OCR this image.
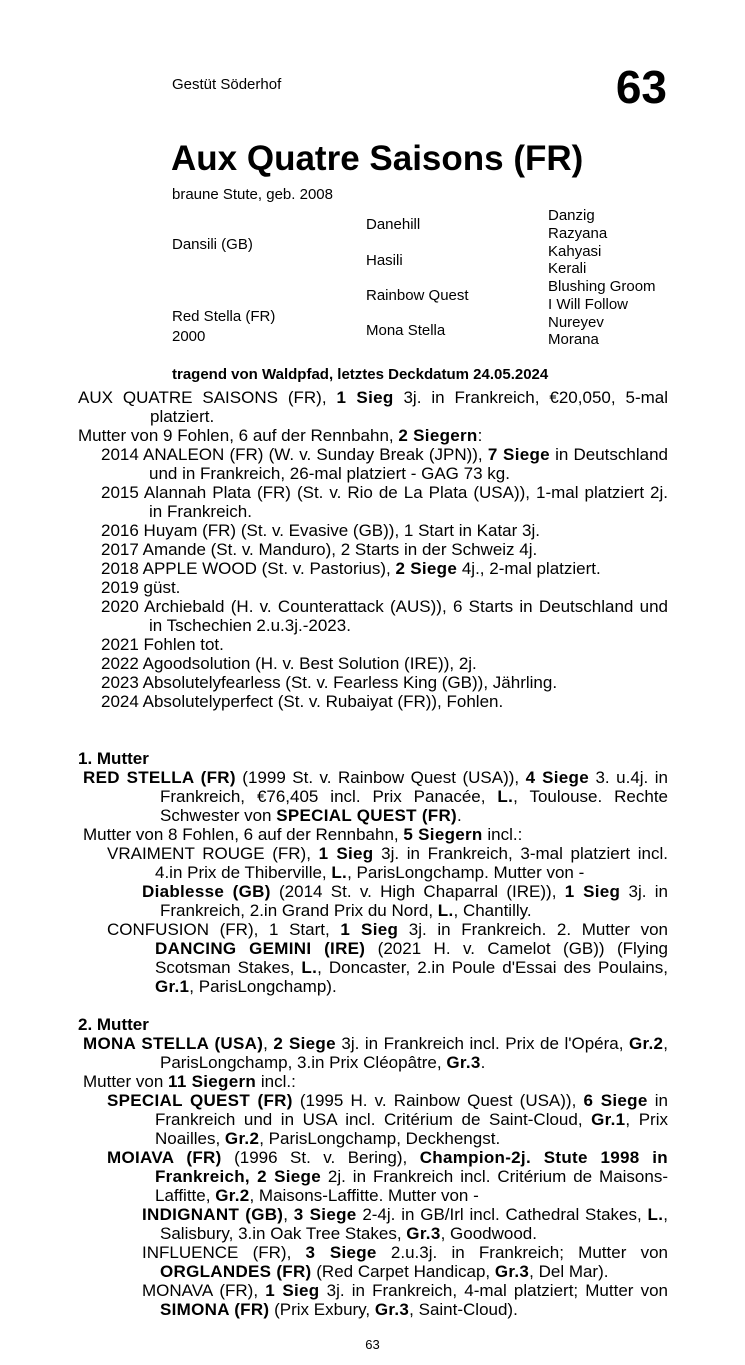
Gestüt Söderhof	63
Aux Quatre Saisons (FR)
braune Stute, geb. 2008
Dansili (GB)
Red Stella (FR)
2000
Danehill
Hasili
Rainbow Quest
Mona Stella
Danzig
Razyana
Kahyasi
Kerali
Blushing Groom
I Will Follow
Nureyev
Morana
tragend von Waldpfad, letztes Deckdatum 24.05.2024

AUX QUATRE SAISONS (FR), 1 Sieg 3j. in Frankreich, €20,050, 5-mal platziert.

Mutter von 9 Fohlen, 6 auf der Rennbahn, 2 Siegern:

2014 ANALEON (FR) (W. v. Sunday Break (JPN)), 7 Siege in Deutschland und in Frankreich, 26-mal platziert - GAG 73 kg.
2015 Alannah Plata (FR) (St. v. Rio de La Plata (USA)), 1-mal platziert 2j. in Frankreich.
2016 Huyam (FR) (St. v. Evasive (GB)), 1 Start in Katar 3j.
2017 Amande (St. v. Manduro), 2 Starts in der Schweiz 4j.
2018 APPLE WOOD (St. v. Pastorius), 2 Siege 4j., 2-mal platziert.
2019 güst.
2020 Archiebald (H. v. Counterattack (AUS)), 6 Starts in Deutschland und in Tschechien 2.u.3j.-2023.
2021 Fohlen tot.
2022 Agoodsolution (H. v. Best Solution (IRE)), 2j.
2023 Absolutelyfearless (St. v. Fearless King (GB)), Jährling.
2024 Absolutelyperfect (St. v. Rubaiyat (FR)), Fohlen.
1. Mutter
RED STELLA (FR) (1999 St. v. Rainbow Quest (USA)), 4 Siege 3. u.4j. in Frankreich, €76,405 incl. Prix Panacée, L., Toulouse. Rechte Schwester von SPECIAL QUEST (FR).
Mutter von 8 Fohlen, 6 auf der Rennbahn, 5 Siegern incl.:
VRAIMENT ROUGE (FR), 1 Sieg 3j. in Frankreich, 3-mal platziert incl. 4.in Prix de Thiberville, L., ParisLongchamp. Mutter von -
Diablesse (GB) (2014 St. v. High Chaparral (IRE)), 1 Sieg 3j. in Frankreich, 2.in Grand Prix du Nord, L., Chantilly.
CONFUSION (FR), 1 Start, 1 Sieg 3j. in Frankreich. 2. Mutter von DANCING GEMINI (IRE) (2021 H. v. Camelot (GB)) (Flying Scotsman Stakes, L., Doncaster, 2.in Poule d'Essai des Poulains, Gr.1, ParisLongchamp).
2. Mutter
MONA STELLA (USA), 2 Siege 3j. in Frankreich incl. Prix de l'Opéra, Gr.2, ParisLongchamp, 3.in Prix Cléopâtre, Gr.3.
Mutter von 11 Siegern incl.:
SPECIAL QUEST (FR) (1995 H. v. Rainbow Quest (USA)), 6 Siege in Frankreich und in USA incl. Critérium de Saint-Cloud, Gr.1, Prix Noailles, Gr.2, ParisLongchamp, Deckhengst.
MOIAVA (FR) (1996 St. v. Bering), Champion-2j. Stute 1998 in Frankreich, 2 Siege 2j. in Frankreich incl. Critérium de Maisons-Laffitte, Gr.2, Maisons-Laffitte. Mutter von -
INDIGNANT (GB), 3 Siege 2-4j. in GB/Irl incl. Cathedral Stakes, L., Salisbury, 3.in Oak Tree Stakes, Gr.3, Goodwood.
INFLUENCE (FR), 3 Siege 2.u.3j. in Frankreich; Mutter von ORGLANDES (FR) (Red Carpet Handicap, Gr.3, Del Mar).
MONAVA (FR), 1 Sieg 3j. in Frankreich, 4-mal platziert; Mutter von SIMONA (FR) (Prix Exbury, Gr.3, Saint-Cloud).
63
